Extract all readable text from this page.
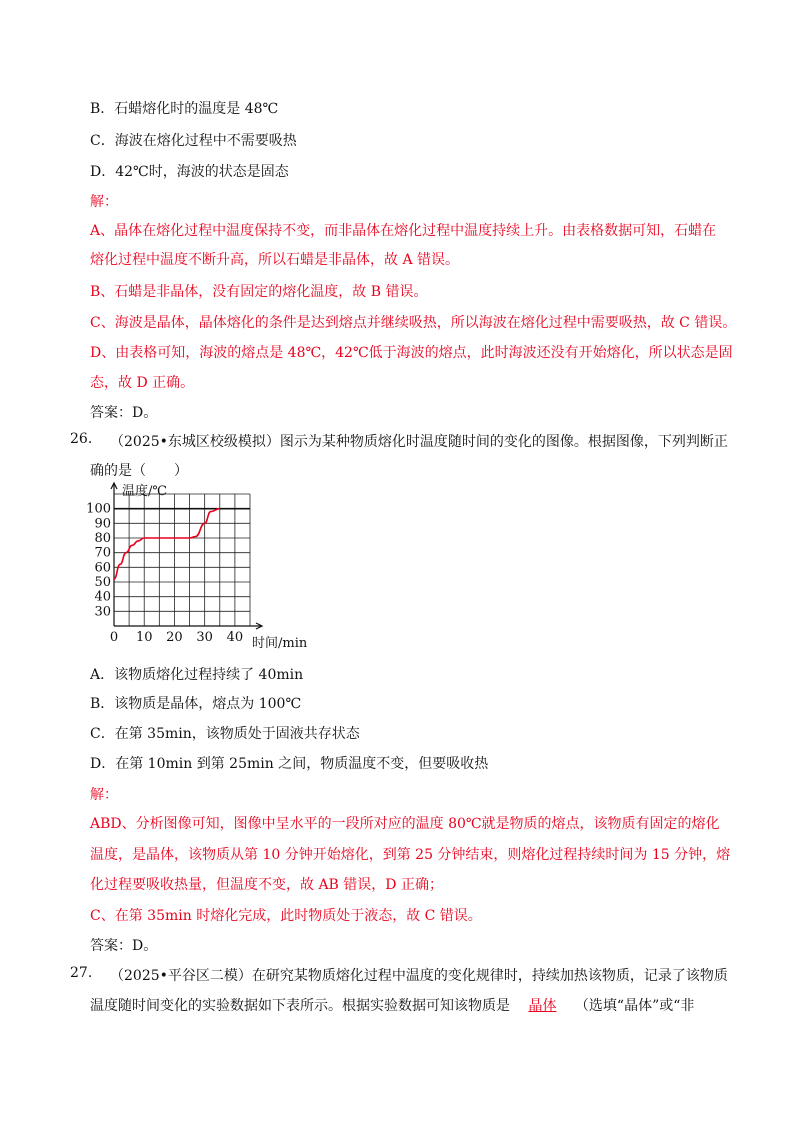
B．石蜡熔化时的温度是 48℃
C．海波在熔化过程中不需要吸热
D．42℃时，海波的状态是固态
解：
A、晶体在熔化过程中温度保持不变，而非晶体在熔化过程中温度持续上升。由表格数据可知，石蜡在
熔化过程中温度不断升高，所以石蜡是非晶体，故 A 错误。
B、石蜡是非晶体，没有固定的熔化温度，故 B 错误。
C、海波是晶体，晶体熔化的条件是达到熔点并继续吸热，所以海波在熔化过程中需要吸热，故 C 错误。
D、由表格可知，海波的熔点是 48℃，42℃低于海波的熔点，此时海波还没有开始熔化，所以状态是固
态，故 D 正确。
答案：D。
26. （2025•东城区校级模拟）图示为某种物质熔化时温度随时间的变化的图像。根据图像，下列判断正
确的是（　　）
30
40
50
60
70
80
90
100
0 10 20 30 40
温度/℃
时间/min
A．该物质熔化过程持续了 40min
B．该物质是晶体，熔点为 100℃
C．在第 35min，该物质处于固液共存状态
D．在第 10min 到第 25min 之间，物质温度不变，但要吸收热
解：
ABD、分析图像可知，图像中呈水平的一段所对应的温度 80℃就是物质的熔点，该物质有固定的熔化
温度，是晶体，该物质从第 10 分钟开始熔化，到第 25 分钟结束，则熔化过程持续时间为 15 分钟，熔
化过程要吸收热量，但温度不变，故 AB 错误，D 正确；
C、在第 35min 时熔化完成，此时物质处于液态，故 C 错误。
答案：D。
27. （2025•平谷区二模）在研究某物质熔化过程中温度的变化规律时，持续加热该物质，记录了该物质
温度随时间变化的实验数据如下表所示。根据实验数据可知该物质是 晶体 （选填“晶体”或“非
